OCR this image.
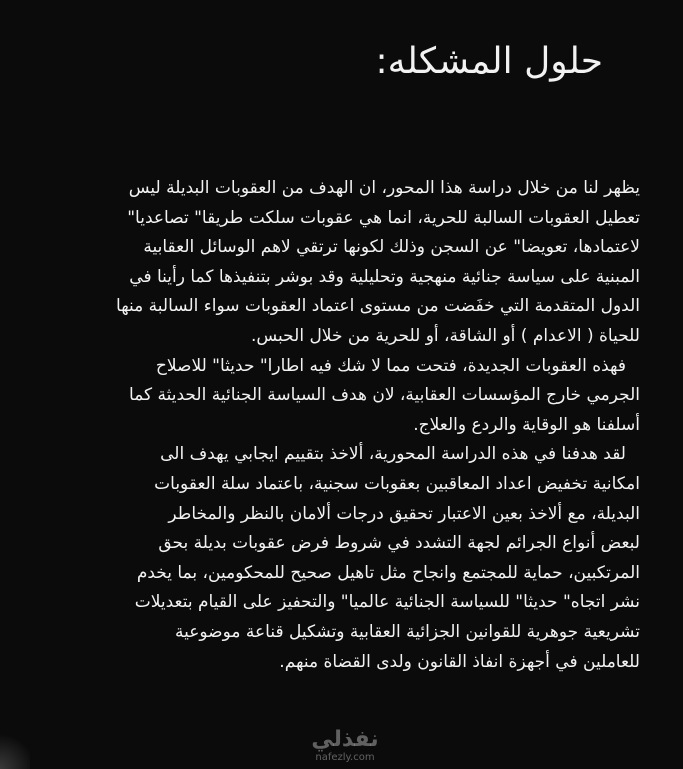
حلول المشكله:
يظهر لنا من خلال دراسة هذا المحور، ان الهدف من العقوبات البديلة ليس
تعطيل العقوبات السالبة للحرية، انما هي عقوبات سلكت طريقا" تصاعديا"
لاعتمادها، تعويضا" عن السجن وذلك لكونها ترتقي لاهم الوسائل العقابية
المبنية على سياسة جنائية منهجية وتحليلية وقد بوشر بتنفيذها كما رأينا في
الدول المتقدمة التي خفَضت من مستوى اعتماد العقوبات سواء السالبة منها
للحياة ( الاعدام ) أو الشاقة، أو للحرية من خلال الحبس.
فهذه العقوبات الجديدة، فتحت مما لا شك فيه اطارا" حديثا" للاصلاح
الجرمي خارج المؤسسات العقابية، لان هدف السياسة الجنائية الحديثة كما
أسلفنا هو الوقاية والردع والعلاج.
لقد هدفنا في هذه الدراسة المحورية، ألاخذ بتقييم ايجابي يهدف الى
امكانية تخفيض اعداد المعاقبين بعقوبات سجنية، باعتماد سلة العقوبات
البديلة، مع ألاخذ بعين الاعتبار تحقيق درجات ألامان بالنظر والمخاطر
لبعض أنواع الجرائم لجهة التشدد في شروط فرض عقوبات بديلة بحق
المرتكبين، حماية للمجتمع وانجاح مثل تاهيل صحيح للمحكومين، بما يخدم
نشر اتجاه" حديثا" للسياسة الجنائية عالميا" والتحفيز على القيام بتعديلات
تشريعية جوهرية للقوانين الجزائية العقابية وتشكيل قناعة موضوعية
للعاملين في أجهزة انفاذ القانون ولدى القضاة منهم.
نفذلي
nafezly.com
